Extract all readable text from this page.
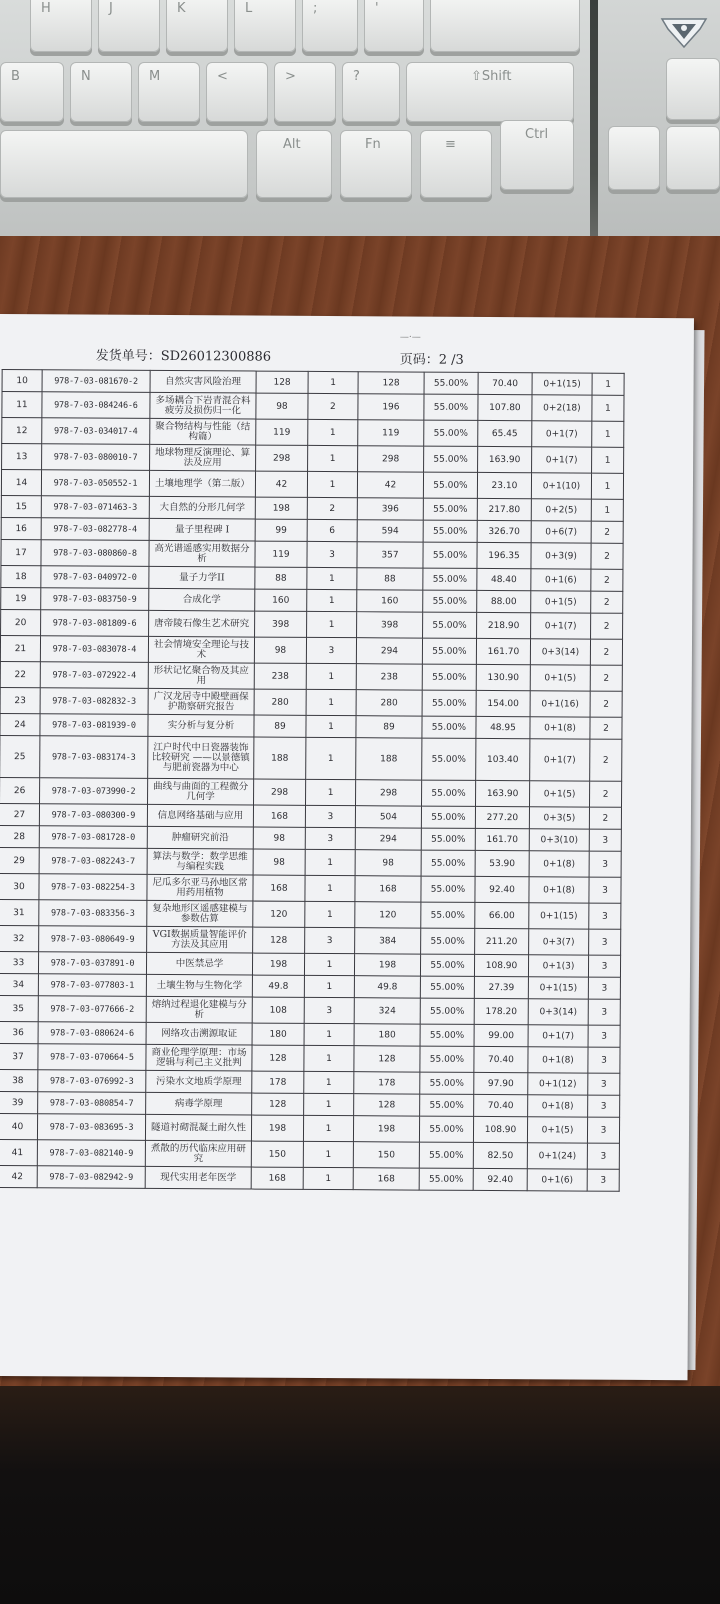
H	J	K	L	;	'
B	N	M	<	>	?	⇧Shift
Alt	Fn	≡
Ctrl
—·—
发货单号：SD26012300886	页码：2 /3
10	978-7-03-081670-2	自然灾害风险治理	128	1	128	55.00%	70.40	0+1(15)	1
11	978-7-03-084246-6	多场耦合下岩青混合料疲劳及损伤归一化	98	2	196	55.00%	107.80	0+2(18)	1
12	978-7-03-034017-4	聚合物结构与性能（结构篇）	119	1	119	55.00%	65.45	0+1(7)	1
13	978-7-03-080010-7	地球物理反演理论、算法及应用	298	1	298	55.00%	163.90	0+1(7)	1
14	978-7-03-050552-1	土壤地理学（第二版）	42	1	42	55.00%	23.10	0+1(10)	1
15	978-7-03-071463-3	大自然的分形几何学	198	2	396	55.00%	217.80	0+2(5)	1
16	978-7-03-082778-4	量子里程碑 I	99	6	594	55.00%	326.70	0+6(7)	2
17	978-7-03-080860-8	高光谱遥感实用数据分析	119	3	357	55.00%	196.35	0+3(9)	2
18	978-7-03-040972-0	量子力学II	88	1	88	55.00%	48.40	0+1(6)	2
19	978-7-03-083750-9	合成化学	160	1	160	55.00%	88.00	0+1(5)	2
20	978-7-03-081809-6	唐帝陵石像生艺术研究	398	1	398	55.00%	218.90	0+1(7)	2
21	978-7-03-083078-4	社会情境安全理论与技术	98	3	294	55.00%	161.70	0+3(14)	2
22	978-7-03-072922-4	形状记忆聚合物及其应用	238	1	238	55.00%	130.90	0+1(5)	2
23	978-7-03-082832-3	广汉龙居寺中殿壁画保护勘察研究报告	280	1	280	55.00%	154.00	0+1(16)	2
24	978-7-03-081939-0	实分析与复分析	89	1	89	55.00%	48.95	0+1(8)	2
25	978-7-03-083174-3	江户时代中日瓷器装饰比较研究 ——以景德镇与肥前瓷器为中心	188	1	188	55.00%	103.40	0+1(7)	2
26	978-7-03-073990-2	曲线与曲面的工程微分几何学	298	1	298	55.00%	163.90	0+1(5)	2
27	978-7-03-080300-9	信息网络基础与应用	168	3	504	55.00%	277.20	0+3(5)	2
28	978-7-03-081728-0	肿瘤研究前沿	98	3	294	55.00%	161.70	0+3(10)	3
29	978-7-03-082243-7	算法与数学：数学思维与编程实践	98	1	98	55.00%	53.90	0+1(8)	3
30	978-7-03-082254-3	尼瓜多尔亚马孙地区常用药用植物	168	1	168	55.00%	92.40	0+1(8)	3
31	978-7-03-083356-3	复杂地形区遥感建模与参数估算	120	1	120	55.00%	66.00	0+1(15)	3
32	978-7-03-080649-9	VGI数据质量智能评价方法及其应用	128	3	384	55.00%	211.20	0+3(7)	3
33	978-7-03-037891-0	中医禁忌学	198	1	198	55.00%	108.90	0+1(3)	3
34	978-7-03-077803-1	土壤生物与生物化学	49.8	1	49.8	55.00%	27.39	0+1(15)	3
35	978-7-03-077666-2	熔纳过程退化建模与分析	108	3	324	55.00%	178.20	0+3(14)	3
36	978-7-03-080624-6	网络攻击溯源取证	180	1	180	55.00%	99.00	0+1(7)	3
37	978-7-03-070664-5	商业伦理学原理：市场逻辑与利己主义批判	128	1	128	55.00%	70.40	0+1(8)	3
38	978-7-03-076992-3	污染水文地质学原理	178	1	178	55.00%	97.90	0+1(12)	3
39	978-7-03-080854-7	病毒学原理	128	1	128	55.00%	70.40	0+1(8)	3
40	978-7-03-083695-3	隧道衬砌混凝土耐久性	198	1	198	55.00%	108.90	0+1(5)	3
41	978-7-03-082140-9	煮散的历代临床应用研究	150	1	150	55.00%	82.50	0+1(24)	3
42	978-7-03-082942-9	现代实用老年医学	168	1	168	55.00%	92.40	0+1(6)	3
